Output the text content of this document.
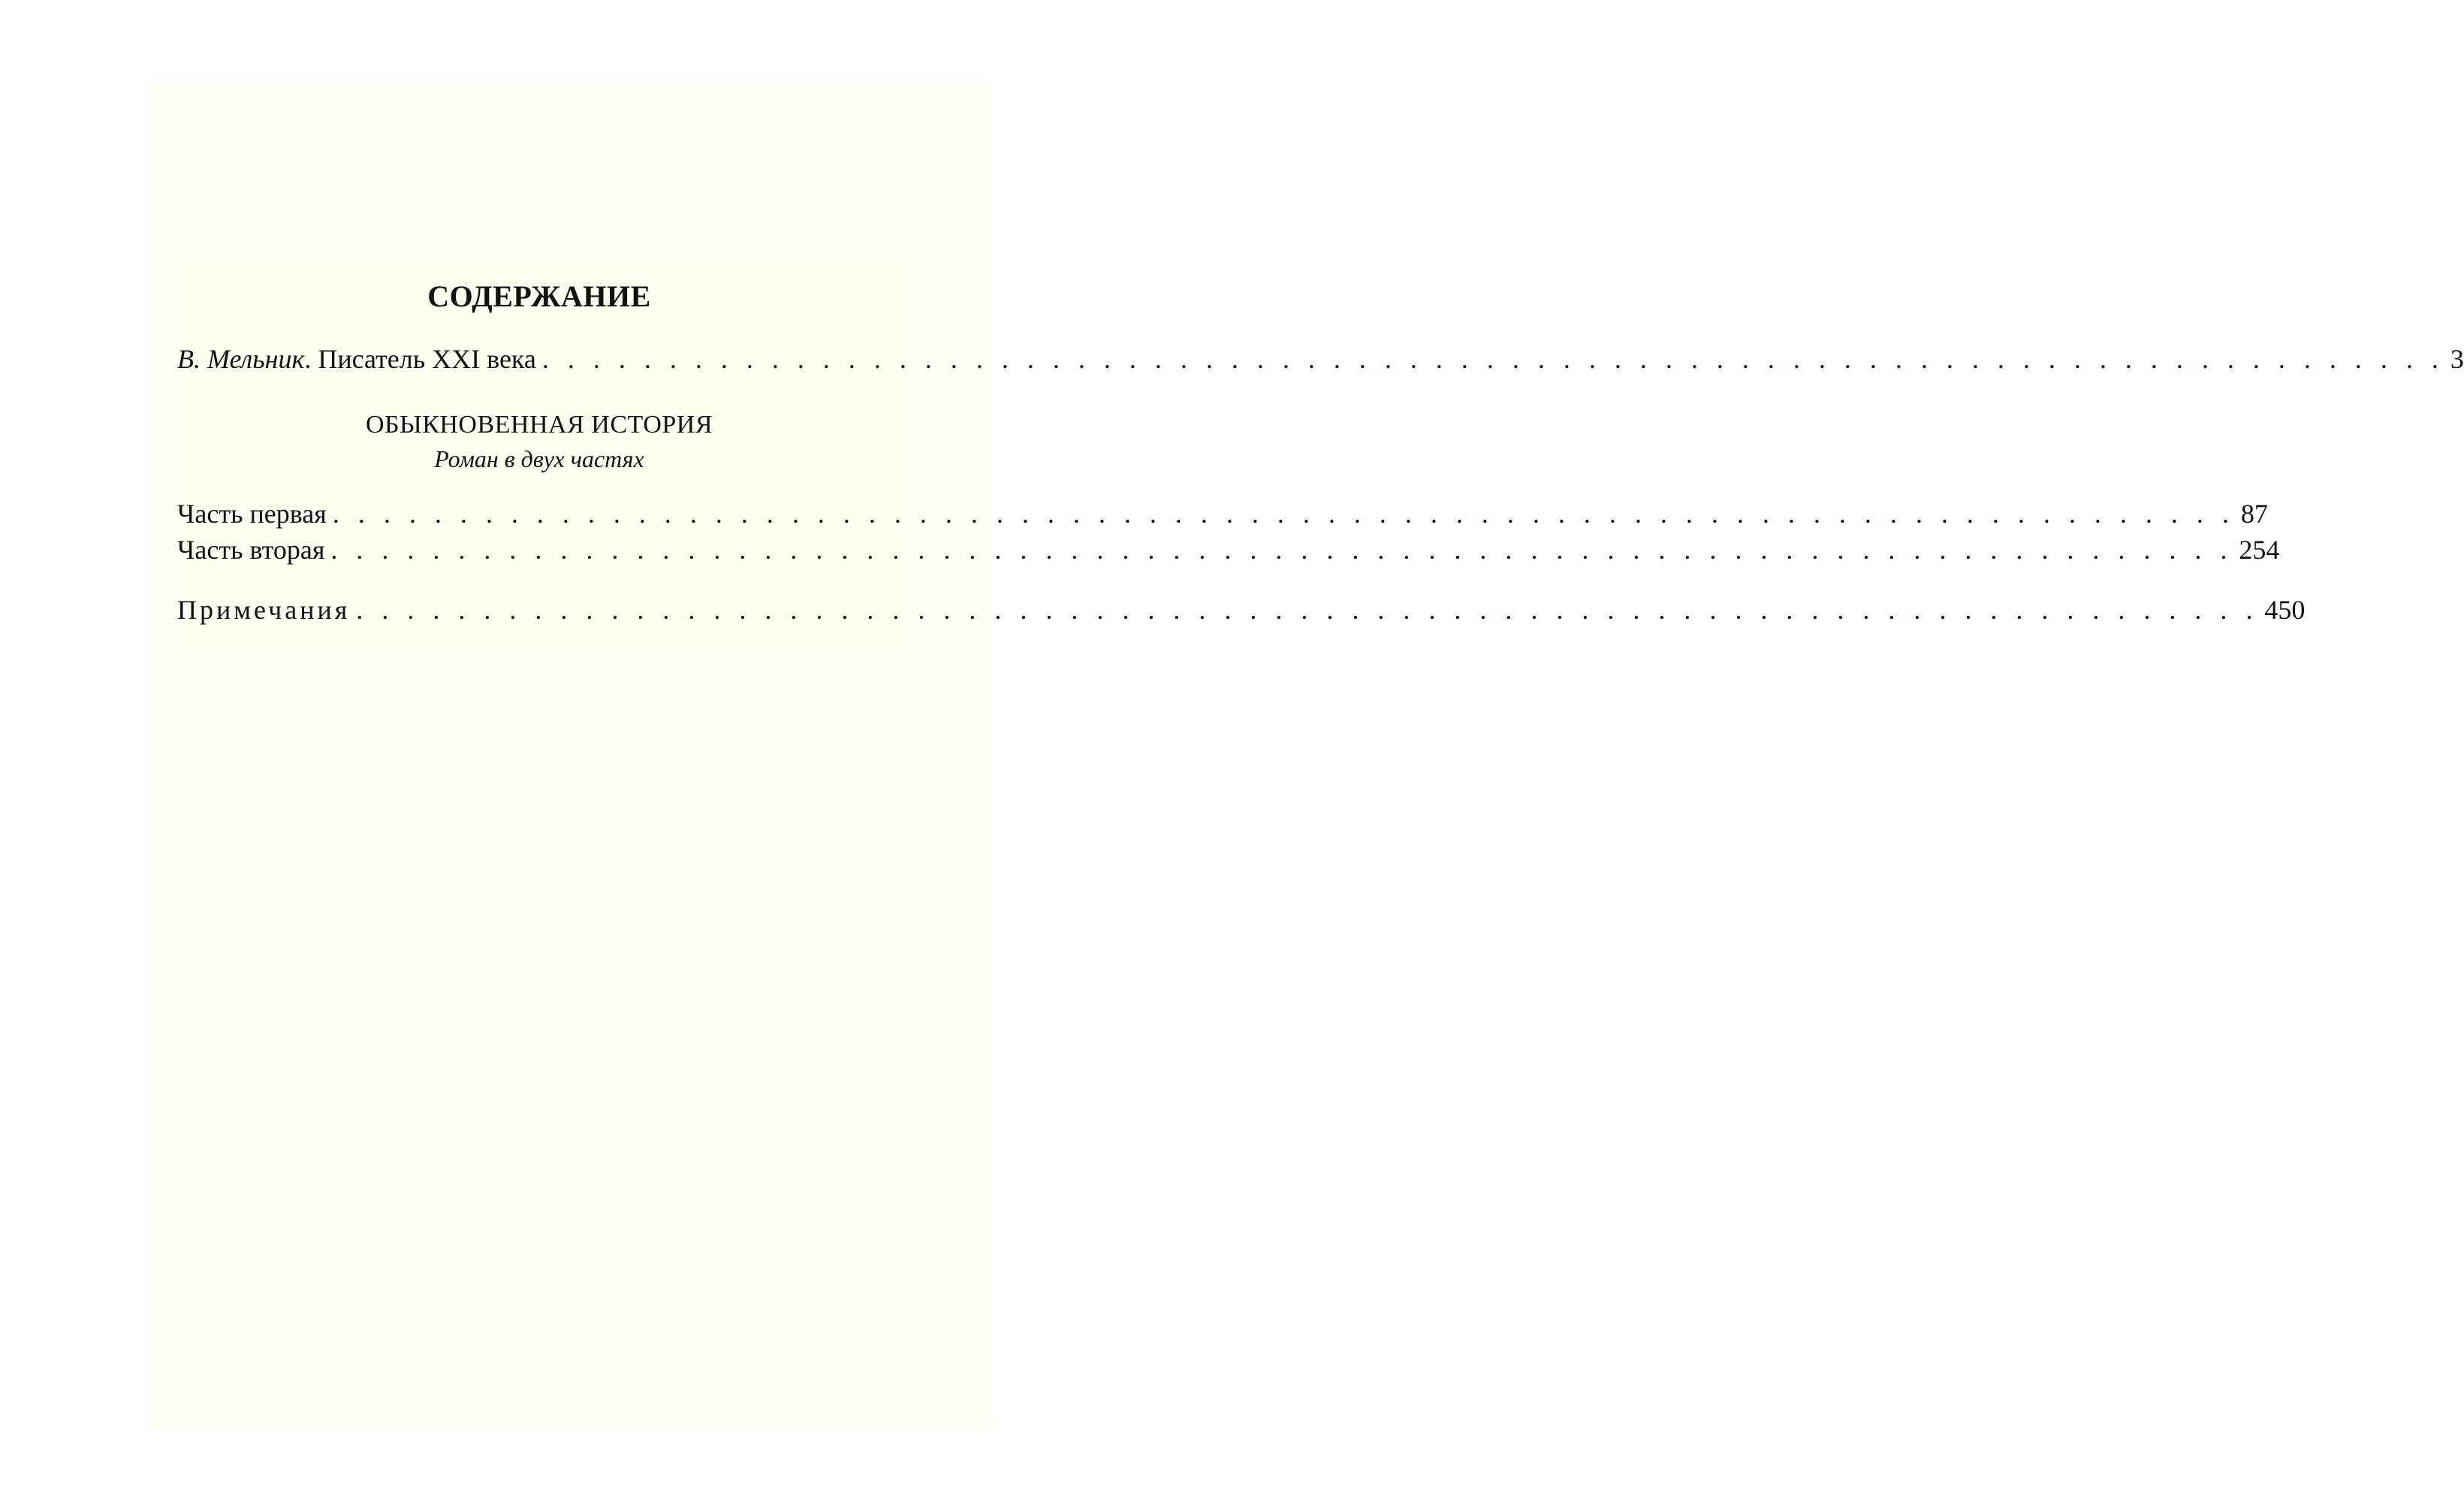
СОДЕРЖАНИЕ
В. Мельник. Писатель XXI века . . . . . . . . . . . . . . . . . . . . . . . . . . . . . . . . . . . . . . . . . . . . . . . . . . . . . . . . . . . . . . . . . . . . . . . . . . . 3
ОБЫКНОВЕННАЯ ИСТОРИЯ
Роман в двух частях
Часть первая . . . . . . . . . . . . . . . . . . . . . . . . . . . . . . . . . . . . . . . . . . . . . . . . . . . . . . . . . . . . . . . . . . . . . . . . . . . 87
Часть вторая . . . . . . . . . . . . . . . . . . . . . . . . . . . . . . . . . . . . . . . . . . . . . . . . . . . . . . . . . . . . . . . . . . . . . . . . . . . 254
Примечания . . . . . . . . . . . . . . . . . . . . . . . . . . . . . . . . . . . . . . . . . . . . . . . . . . . . . . . . . . . . . . . . . . . . . . . . . . . 450
